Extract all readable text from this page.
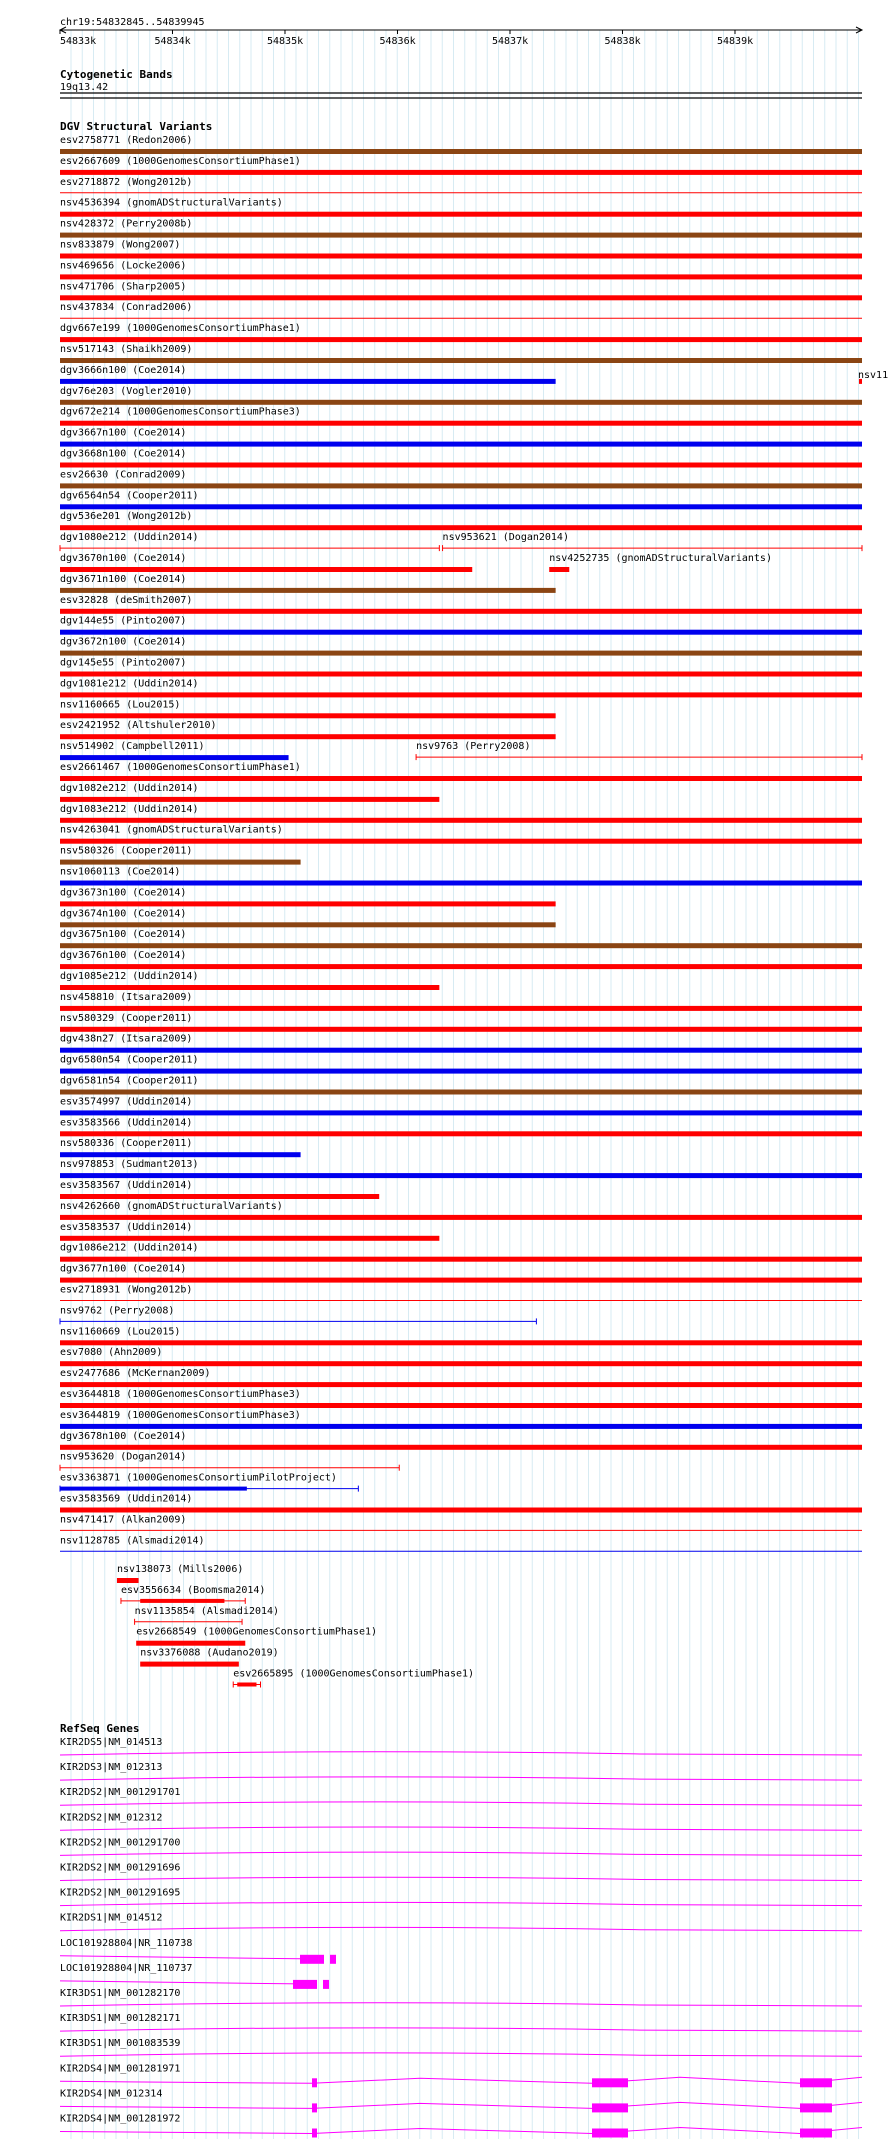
chr19:54832845..54839945
54833k	54834k	54835k	54836k	54837k	54838k	54839k
Cytogenetic Bands
19q13.42
DGV Structural Variants
esv2758771 (Redon2006)
esv2667609 (1000GenomesConsortiumPhase1)
esv2718872 (Wong2012b)
nsv4536394 (gnomADStructuralVariants)
nsv428372 (Perry2008b)
nsv833879 (Wong2007)
nsv469656 (Locke2006)
nsv471706 (Sharp2005)
nsv437834 (Conrad2006)
dgv667e199 (1000GenomesConsortiumPhase1)
nsv517143 (Shaikh2009)
dgv3666n100 (Coe2014)
dgv76e203 (Vogler2010)
dgv672e214 (1000GenomesConsortiumPhase3)
dgv3667n100 (Coe2014)
dgv3668n100 (Coe2014)
esv26630 (Conrad2009)
dgv6564n54 (Cooper2011)
dgv536e201 (Wong2012b)
dgv1080e212 (Uddin2014)	nsv953621 (Dogan2014)
dgv3670n100 (Coe2014)	nsv4252735 (gnomADStructuralVariants)
dgv3671n100 (Coe2014)
esv32828 (deSmith2007)
dgv144e55 (Pinto2007)
dgv3672n100 (Coe2014)
dgv145e55 (Pinto2007)
dgv1081e212 (Uddin2014)
nsv1160665 (Lou2015)
esv2421952 (Altshuler2010)
nsv514902 (Campbell2011)	nsv9763 (Perry2008)
esv2661467 (1000GenomesConsortiumPhase1)
dgv1082e212 (Uddin2014)
dgv1083e212 (Uddin2014)
nsv4263041 (gnomADStructuralVariants)
nsv580326 (Cooper2011)
nsv1060113 (Coe2014)
dgv3673n100 (Coe2014)
dgv3674n100 (Coe2014)
dgv3675n100 (Coe2014)
dgv3676n100 (Coe2014)
dgv1085e212 (Uddin2014)
nsv458810 (Itsara2009)
nsv580329 (Cooper2011)
dgv438n27 (Itsara2009)
dgv6580n54 (Cooper2011)
dgv6581n54 (Cooper2011)
esv3574997 (Uddin2014)
esv3583566 (Uddin2014)
nsv580336 (Cooper2011)
nsv978853 (Sudmant2013)
esv3583567 (Uddin2014)
nsv4262660 (gnomADStructuralVariants)
esv3583537 (Uddin2014)
dgv1086e212 (Uddin2014)
dgv3677n100 (Coe2014)
esv2718931 (Wong2012b)
nsv9762 (Perry2008)
nsv1160669 (Lou2015)
esv7080 (Ahn2009)
esv2477686 (McKernan2009)
esv3644818 (1000GenomesConsortiumPhase3)
esv3644819 (1000GenomesConsortiumPhase3)
dgv3678n100 (Coe2014)
nsv953620 (Dogan2014)
esv3363871 (1000GenomesConsortiumPilotProject)
esv3583569 (Uddin2014)
nsv471417 (Alkan2009)
nsv1128785 (Alsmadi2014)
nsv138073 (Mills2006)
esv3556634 (Boomsma2014)
nsv1135854 (Alsmadi2014)
esv2668549 (1000GenomesConsortiumPhase1)
nsv3376088 (Audano2019)
esv2665895 (1000GenomesConsortiumPhase1)
nsv11
RefSeq Genes
KIR2DS5|NM_014513
KIR2DS3|NM_012313
KIR2DS2|NM_001291701
KIR2DS2|NM_012312
KIR2DS2|NM_001291700
KIR2DS2|NM_001291696
KIR2DS2|NM_001291695
KIR2DS1|NM_014512
LOC101928804|NR_110738
LOC101928804|NR_110737
KIR3DS1|NM_001282170
KIR3DS1|NM_001282171
KIR3DS1|NM_001083539
KIR2DS4|NM_001281971
KIR2DS4|NM_012314
KIR2DS4|NM_001281972
